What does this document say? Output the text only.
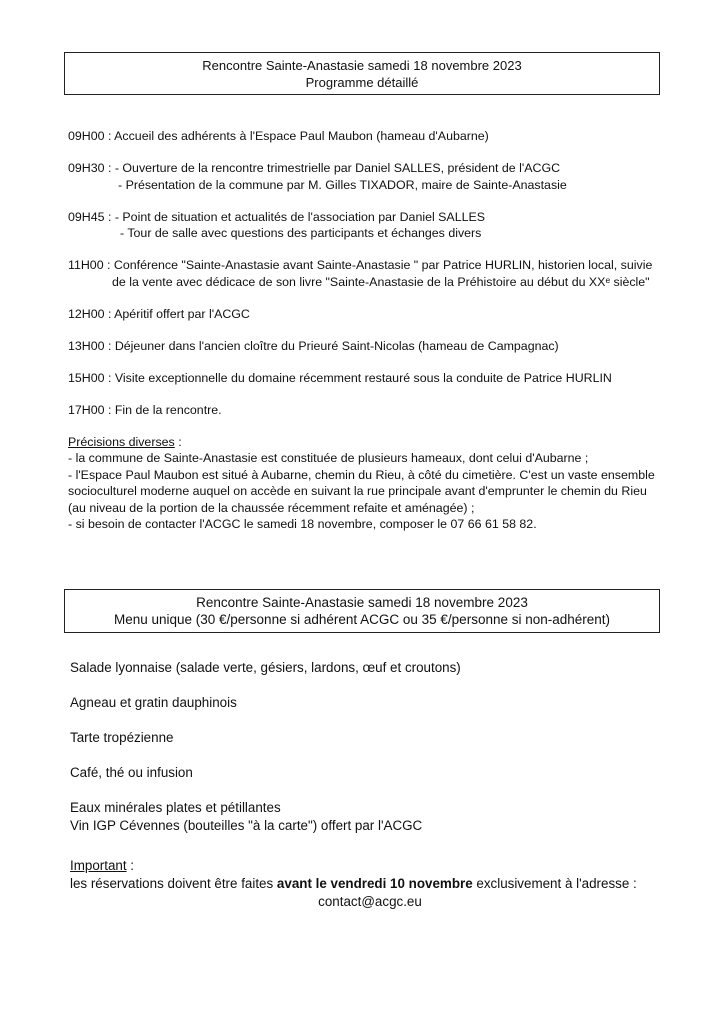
Rencontre Sainte-Anastasie samedi 18 novembre 2023
Programme détaillé
09H00 : Accueil des adhérents à l'Espace Paul Maubon (hameau d'Aubarne)
09H30 : - Ouverture de la rencontre trimestrielle par Daniel SALLES, président de l'ACGC
- Présentation de la commune par M. Gilles TIXADOR, maire de Sainte-Anastasie
09H45 : - Point de situation et actualités de l'association par Daniel SALLES
- Tour de salle avec questions des participants et échanges divers
11H00 : Conférence "Sainte-Anastasie avant Sainte-Anastasie " par Patrice HURLIN, historien local, suivie
de la vente avec dédicace de son livre "Sainte-Anastasie de la Préhistoire au début du XXᵉ siècle"
12H00 : Apéritif offert par l'ACGC
13H00 : Déjeuner dans l'ancien cloître du Prieuré Saint-Nicolas (hameau de Campagnac)
15H00 : Visite exceptionnelle du domaine récemment restauré sous la conduite de Patrice HURLIN
17H00 : Fin de la rencontre.
Précisions diverses :
- la commune de Sainte-Anastasie est constituée de plusieurs hameaux, dont celui d'Aubarne ;
- l'Espace Paul Maubon est situé à Aubarne, chemin du Rieu, à côté du cimetière. C'est un vaste ensemble
socioculturel moderne auquel on accède en suivant la rue principale avant d'emprunter le chemin du Rieu
(au niveau de la portion de la chaussée récemment refaite et aménagée) ;
- si besoin de contacter l'ACGC le samedi 18 novembre, composer le 07 66 61 58 82.
Rencontre Sainte-Anastasie samedi 18 novembre 2023
Menu unique (30 €/personne si adhérent ACGC ou 35 €/personne si non-adhérent)
Salade lyonnaise (salade verte, gésiers, lardons, œuf et croutons)
Agneau et gratin dauphinois
Tarte tropézienne
Café, thé ou infusion
Eaux minérales plates et pétillantes
Vin IGP Cévennes (bouteilles "à la carte") offert par l'ACGC
Important :
les réservations doivent être faites avant le vendredi 10 novembre exclusivement à l'adresse :
contact@acgc.eu
